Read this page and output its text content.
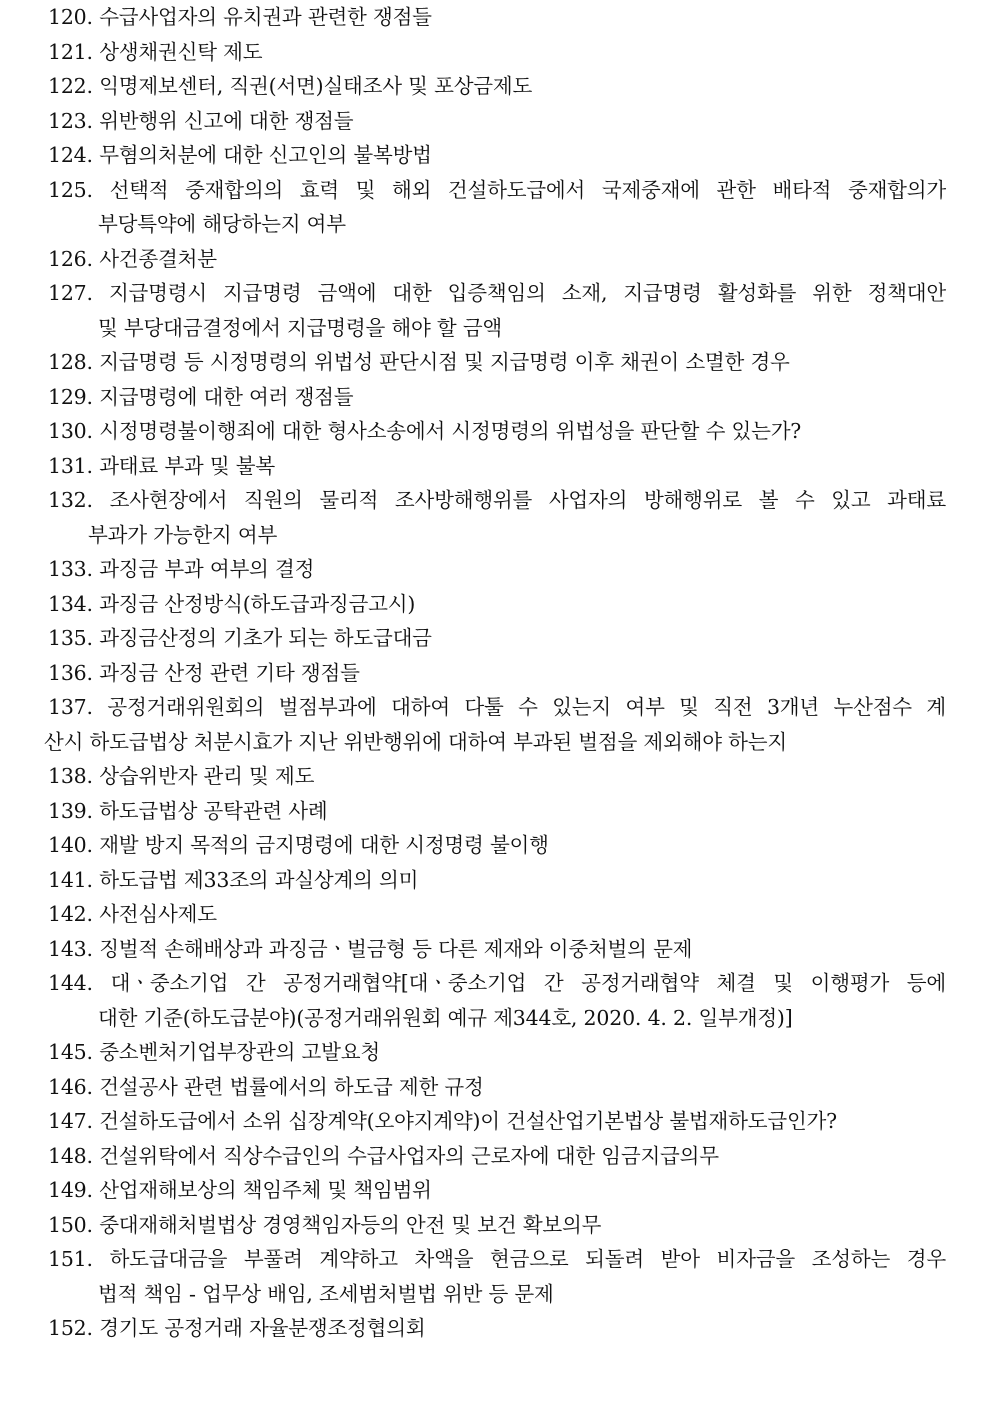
120. 수급사업자의 유치권과 관련한 쟁점들
121. 상생채권신탁 제도
122. 익명제보센터, 직권(서면)실태조사 및 포상금제도
123. 위반행위 신고에 대한 쟁점들
124. 무혐의처분에 대한 신고인의 불복방법
125. 선택적 중재합의의 효력 및 해외 건설하도급에서 국제중재에 관한 배타적 중재합의가
부당특약에 해당하는지 여부
126. 사건종결처분
127. 지급명령시 지급명령 금액에 대한 입증책임의 소재, 지급명령 활성화를 위한 정책대안
및 부당대금결정에서 지급명령을 해야 할 금액
128. 지급명령 등 시정명령의 위법성 판단시점 및 지급명령 이후 채권이 소멸한 경우
129. 지급명령에 대한 여러 쟁점들
130. 시정명령불이행죄에 대한 형사소송에서 시정명령의 위법성을 판단할 수 있는가?
131. 과태료 부과 및 불복
132. 조사현장에서 직원의 물리적 조사방해행위를 사업자의 방해행위로 볼 수 있고 과태료
부과가 가능한지 여부
133. 과징금 부과 여부의 결정
134. 과징금 산정방식(하도급과징금고시)
135. 과징금산정의 기초가 되는 하도급대금
136. 과징금 산정 관련 기타 쟁점들
137. 공정거래위원회의 벌점부과에 대하여 다툴 수 있는지 여부 및 직전 3개년 누산점수 계
산시 하도급법상 처분시효가 지난 위반행위에 대하여 부과된 벌점을 제외해야 하는지
138. 상습위반자 관리 및 제도
139. 하도급법상 공탁관련 사례
140. 재발 방지 목적의 금지명령에 대한 시정명령 불이행
141. 하도급법 제33조의 과실상계의 의미
142. 사전심사제도
143. 징벌적 손해배상과 과징금ㆍ벌금형 등 다른 제재와 이중처벌의 문제
144. 대ㆍ중소기업 간 공정거래협약[대ㆍ중소기업 간 공정거래협약 체결 및 이행평가 등에
대한 기준(하도급분야)(공정거래위원회 예규 제344호, 2020. 4. 2. 일부개정)]
145. 중소벤처기업부장관의 고발요청
146. 건설공사 관련 법률에서의 하도급 제한 규정
147. 건설하도급에서 소위 십장계약(오야지계약)이 건설산업기본법상 불법재하도급인가?
148. 건설위탁에서 직상수급인의 수급사업자의 근로자에 대한 임금지급의무
149. 산업재해보상의 책임주체 및 책임범위
150. 중대재해처벌법상 경영책임자등의 안전 및 보건 확보의무
151. 하도급대금을 부풀려 계약하고 차액을 현금으로 되돌려 받아 비자금을 조성하는 경우
법적 책임 - 업무상 배임, 조세범처벌법 위반 등 문제
152. 경기도 공정거래 자율분쟁조정협의회
